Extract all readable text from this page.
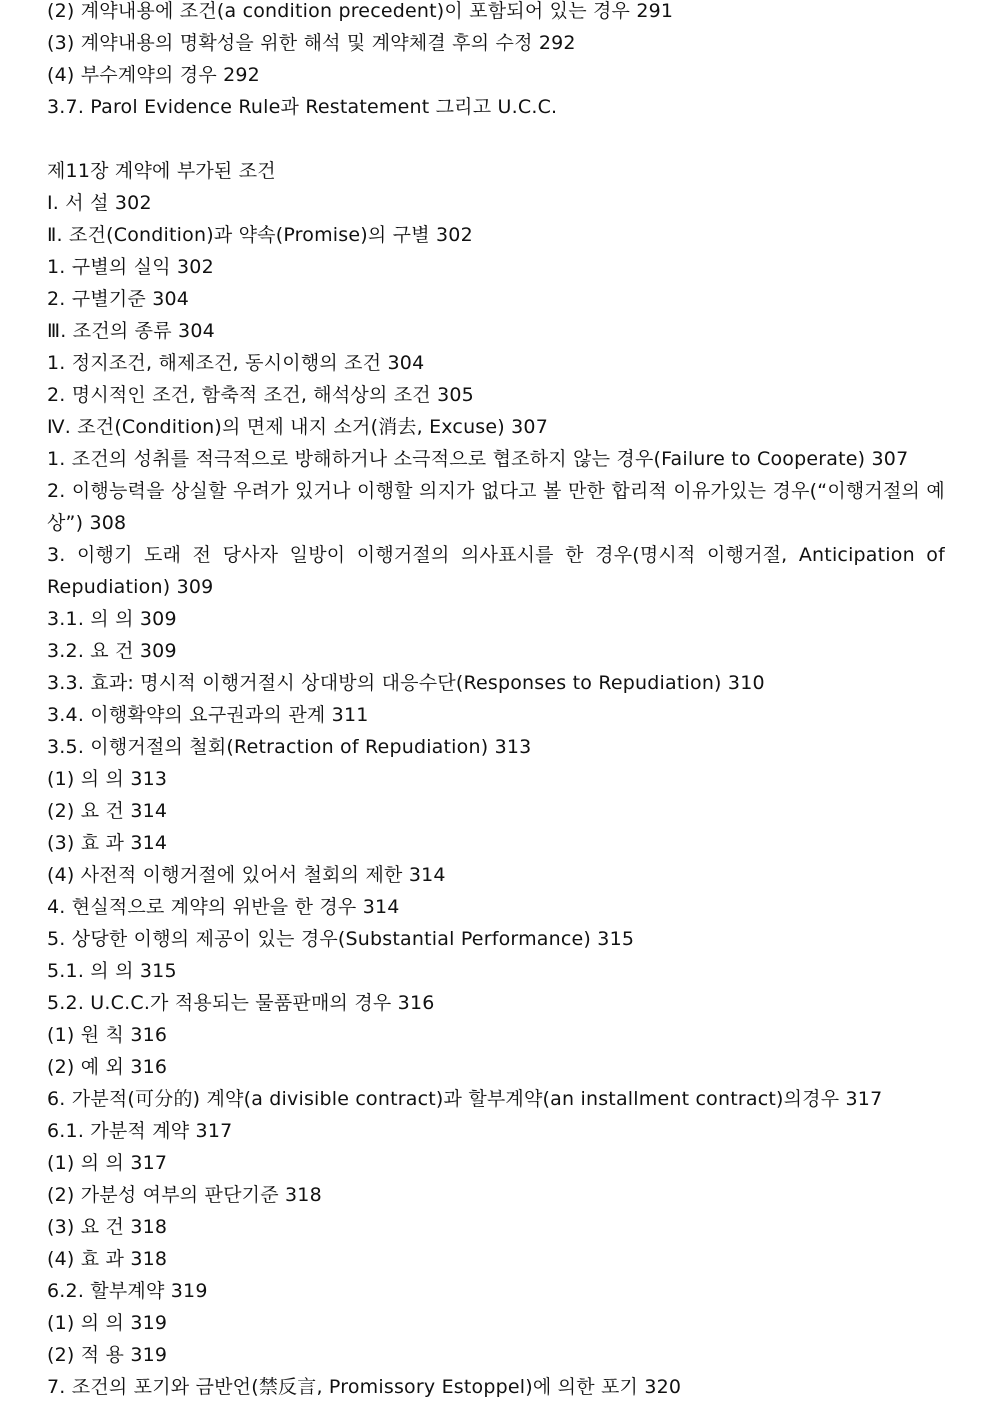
(2) 계약내용에 조건(a condition precedent)이 포함되어 있는 경우 291
(3) 계약내용의 명확성을 위한 해석 및 계약체결 후의 수정 292
(4) 부수계약의 경우 292
3.7. Parol Evidence Rule과 Restatement 그리고 U.C.C.
제11장 계약에 부가된 조건
Ⅰ. 서 설 302
Ⅱ. 조건(Condition)과 약속(Promise)의 구별 302
1. 구별의 실익 302
2. 구별기준 304
Ⅲ. 조건의 종류 304
1. 정지조건, 해제조건, 동시이행의 조건 304
2. 명시적인 조건, 함축적 조건, 해석상의 조건 305
Ⅳ. 조건(Condition)의 면제 내지 소거(消去, Excuse) 307
1. 조건의 성취를 적극적으로 방해하거나 소극적으로 협조하지 않는 경우(Failure to Cooperate) 307
2. 이행능력을 상실할 우려가 있거나 이행할 의지가 없다고 볼 만한 합리적 이유가있는 경우(“이행거절의 예
상”) 308
3. 이행기 도래 전 당사자 일방이 이행거절의 의사표시를 한 경우(명시적 이행거절, Anticipation of
Repudiation) 309
3.1. 의 의 309
3.2. 요 건 309
3.3. 효과: 명시적 이행거절시 상대방의 대응수단(Responses to Repudiation) 310
3.4. 이행확약의 요구권과의 관계 311
3.5. 이행거절의 철회(Retraction of Repudiation) 313
(1) 의 의 313
(2) 요 건 314
(3) 효 과 314
(4) 사전적 이행거절에 있어서 철회의 제한 314
4. 현실적으로 계약의 위반을 한 경우 314
5. 상당한 이행의 제공이 있는 경우(Substantial Performance) 315
5.1. 의 의 315
5.2. U.C.C.가 적용되는 물품판매의 경우 316
(1) 원 칙 316
(2) 예 외 316
6. 가분적(可分的) 계약(a divisible contract)과 할부계약(an installment contract)의경우 317
6.1. 가분적 계약 317
(1) 의 의 317
(2) 가분성 여부의 판단기준 318
(3) 요 건 318
(4) 효 과 318
6.2. 할부계약 319
(1) 의 의 319
(2) 적 용 319
7. 조건의 포기와 금반언(禁反言, Promissory Estoppel)에 의한 포기 320
